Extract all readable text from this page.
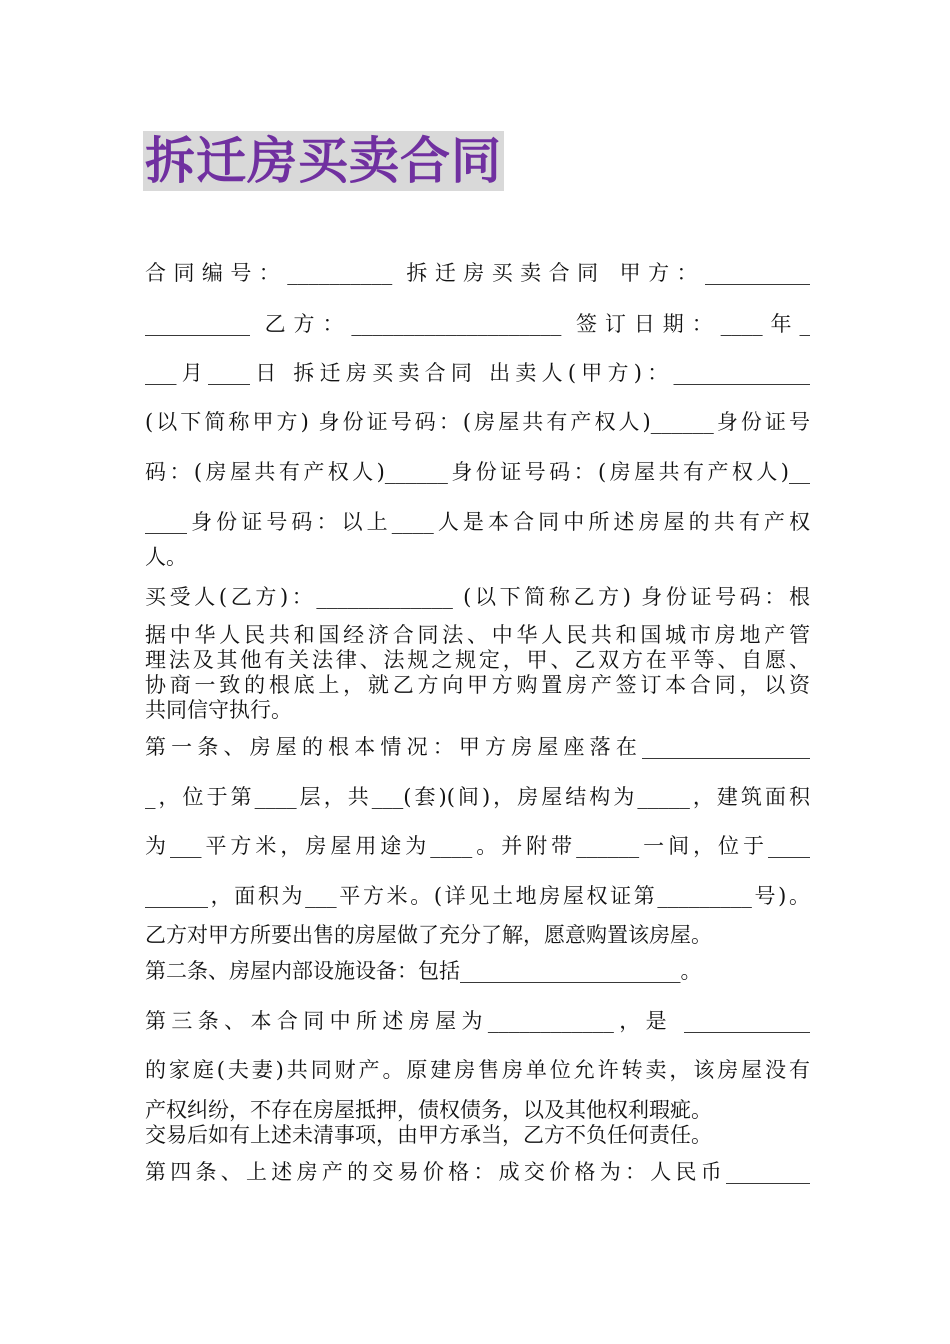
拆迁房买卖合同
合同编号：__________ 拆迁房买卖合同 甲方：__________
__________ 乙方：____________________ 签订日期：____年_
___月____日 拆迁房买卖合同 出卖人(甲方)：_____________
(以下简称甲方) 身份证号码：(房屋共有产权人)______身份证号
码：(房屋共有产权人)______身份证号码：(房屋共有产权人)__
____身份证号码：以上____人是本合同中所述房屋的共有产权
人。
买受人(乙方)：_____________ (以下简称乙方) 身份证号码：根
据中华人民共和国经济合同法、中华人民共和国城市房地产管
理法及其他有关法律、法规之规定，甲、乙双方在平等、自愿、
协商一致的根底上，就乙方向甲方购置房产签订本合同，以资
共同信守执行。
第一条、房屋的根本情况：甲方房屋座落在________________
_，位于第____层，共___(套)(间)，房屋结构为_____，建筑面积
为___平方米，房屋用途为____。并附带______一间，位于____
______，面积为___平方米。(详见土地房屋权证第_________号)。
乙方对甲方所要出售的房屋做了充分了解，愿意购置该房屋。
第二条、房屋内部设施设备：包括_____________________。
第三条、本合同中所述房屋为____________，是 ____________
的家庭(夫妻)共同财产。原建房售房单位允许转卖，该房屋没有
产权纠纷，不存在房屋抵押，债权债务，以及其他权利瑕疵。
交易后如有上述未清事项，由甲方承当，乙方不负任何责任。
第四条、上述房产的交易价格：成交价格为：人民币________
